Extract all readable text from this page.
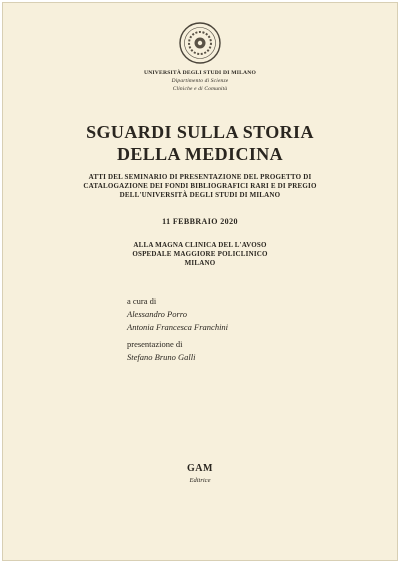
UNIVERSITÀ DEGLI STUDI DI MILANO
Dipartimento di Scienze
Cliniche e di Comunità
SGUARDI SULLA STORIA
DELLA MEDICINA
ATTI DEL SEMINARIO DI PRESENTAZIONE DEL PROGETTO DI
CATALOGAZIONE DEI FONDI BIBLIOGRAFICI RARI E DI PREGIO
DELL'UNIVERSITÀ DEGLI STUDI DI MILANO
11 FEBBRAIO 2020
ALLA MAGNA CLINICA DEL L'AVOSO
OSPEDALE MAGGIORE POLICLINICO
MILANO
a cura di
Alessandro Porro
Antonia Francesca Franchini
presentazione di
Stefano Bruno Galli
GAM
Editrice
